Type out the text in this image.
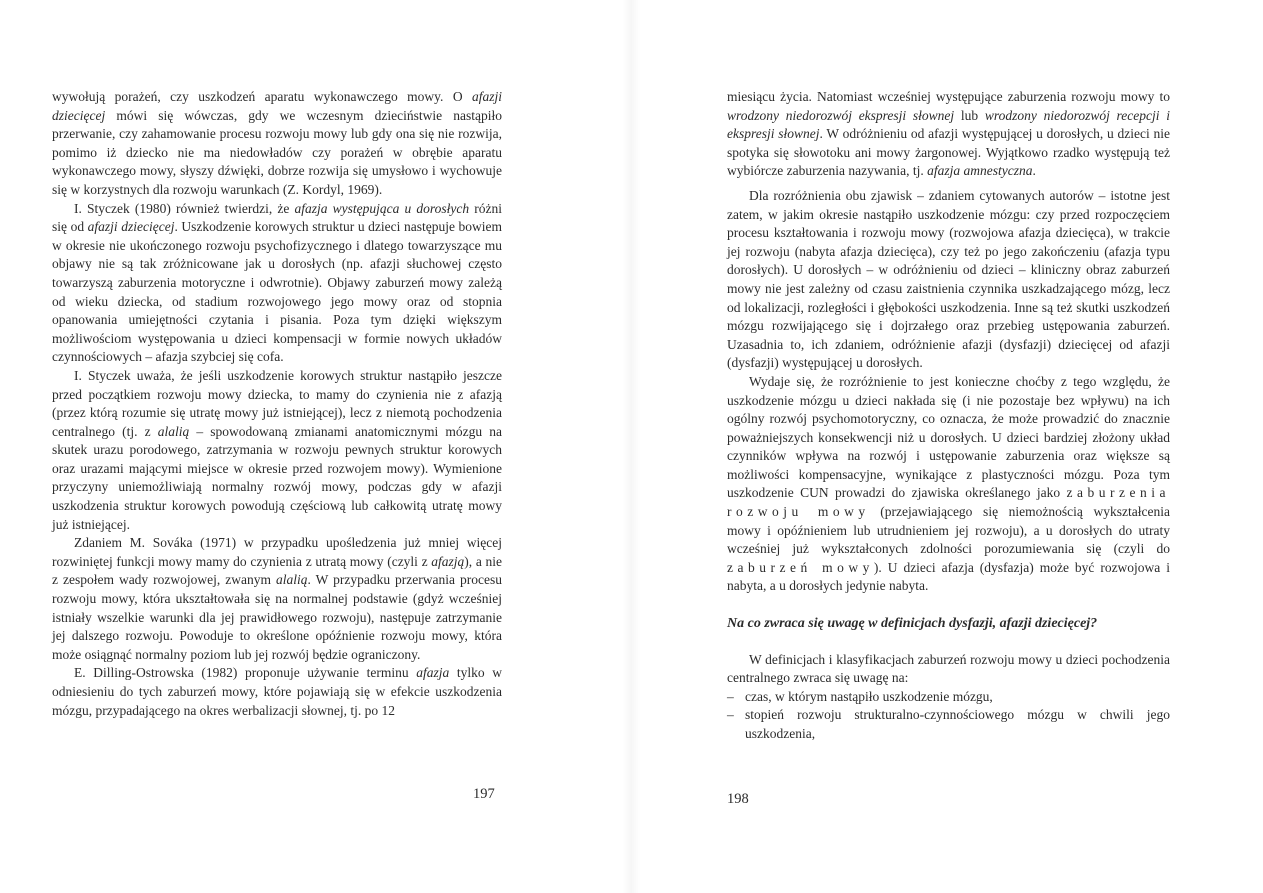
wywołują porażeń, czy uszkodzeń aparatu wykonawczego mowy. O afazji dziecięcej mówi się wówczas, gdy we wczesnym dzieciństwie nastąpiło przerwanie, czy zahamowanie procesu rozwoju mowy lub gdy ona się nie rozwija, pomimo iż dziecko nie ma niedowładów czy porażeń w obrębie aparatu wykonawczego mowy, słyszy dźwięki, dobrze rozwija się umysłowo i wychowuje się w korzystnych dla rozwoju warunkach (Z. Kordyl, 1969).

I. Styczek (1980) również twierdzi, że afazja występująca u dorosłych różni się od afazji dziecięcej. Uszkodzenie korowych struktur u dzieci następuje bowiem w okresie nie ukończonego rozwoju psychofizycznego i dlatego towarzyszące mu objawy nie są tak zróżnicowane jak u dorosłych (np. afazji słuchowej często towarzyszą zaburzenia motoryczne i odwrotnie). Objawy zaburzeń mowy zależą od wieku dziecka, od stadium rozwojowego jego mowy oraz od stopnia opanowania umiejętności czytania i pisania. Poza tym dzięki większym możliwościom występowania u dzieci kompensacji w formie nowych układów czynnościowych – afazja szybciej się cofa.

I. Styczek uważa, że jeśli uszkodzenie korowych struktur nastąpiło jeszcze przed początkiem rozwoju mowy dziecka, to mamy do czynienia nie z afazją (przez którą rozumie się utratę mowy już istniejącej), lecz z niemotą pochodzenia centralnego (tj. z alalią – spowodowaną zmianami anatomicznymi mózgu na skutek urazu porodowego, zatrzymania w rozwoju pewnych struktur korowych oraz urazami mającymi miejsce w okresie przed rozwojem mowy). Wymienione przyczyny uniemożliwiają normalny rozwój mowy, podczas gdy w afazji uszkodzenia struktur korowych powodują częściową lub całkowitą utratę mowy już istniejącej.

Zdaniem M. Sováka (1971) w przypadku upośledzenia już mniej więcej rozwiniętej funkcji mowy mamy do czynienia z utratą mowy (czyli z afazją), a nie z zespołem wady rozwojowej, zwanym alalią. W przypadku przerwania procesu rozwoju mowy, która ukształtowała się na normalnej podstawie (gdyż wcześniej istniały wszelkie warunki dla jej prawidłowego rozwoju), następuje zatrzymanie jej dalszego rozwoju. Powoduje to określone opóźnienie rozwoju mowy, która może osiągnąć normalny poziom lub jej rozwój będzie ograniczony.

E. Dilling-Ostrowska (1982) proponuje używanie terminu afazja tylko w odniesieniu do tych zaburzeń mowy, które pojawiają się w efekcie uszkodzenia mózgu, przypadającego na okres werbalizacji słownej, tj. po 12

197

miesiącu życia. Natomiast wcześniej występujące zaburzenia rozwoju mowy to wrodzony niedorozwój ekspresji słownej lub wrodzony niedorozwój recepcji i ekspresji słownej. W odróżnieniu od afazji występującej u dorosłych, u dzieci nie spotyka się słowotoku ani mowy żargonowej. Wyjątkowo rzadko występują też wybiórcze zaburzenia nazywania, tj. afazja amnestyczna.

Dla rozróżnienia obu zjawisk – zdaniem cytowanych autorów – istotne jest zatem, w jakim okresie nastąpiło uszkodzenie mózgu: czy przed rozpoczęciem procesu kształtowania i rozwoju mowy (rozwojowa afazja dziecięca), w trakcie jej rozwoju (nabyta afazja dziecięca), czy też po jego zakończeniu (afazja typu dorosłych). U dorosłych – w odróżnieniu od dzieci – kliniczny obraz zaburzeń mowy nie jest zależny od czasu zaistnienia czynnika uszkadzającego mózg, lecz od lokalizacji, rozległości i głębokości uszkodzenia. Inne są też skutki uszkodzeń mózgu rozwijającego się i dojrzałego oraz przebieg ustępowania zaburzeń. Uzasadnia to, ich zdaniem, odróżnienie afazji (dysfazji) dziecięcej od afazji (dysfazji) występującej u dorosłych.

Wydaje się, że rozróżnienie to jest konieczne choćby z tego względu, że uszkodzenie mózgu u dzieci nakłada się (i nie pozostaje bez wpływu) na ich ogólny rozwój psychomotoryczny, co oznacza, że może prowadzić do znacznie poważniejszych konsekwencji niż u dorosłych. U dzieci bardziej złożony układ czynników wpływa na rozwój i ustępowanie zaburzenia oraz większe są możliwości kompensacyjne, wynikające z plastyczności mózgu. Poza tym uszkodzenie CUN prowadzi do zjawiska określanego jako zaburzenia rozwoju mowy (przejawiającego się niemożnością wykształcenia mowy i opóźnieniem lub utrudnieniem jej rozwoju), a u dorosłych do utraty wcześniej już wykształconych zdolności porozumiewania się (czyli do zaburzeń mowy). U dzieci afazja (dysfazja) może być rozwojowa i nabyta, a u dorosłych jedynie nabyta.

Na co zwraca się uwagę w definicjach dysfazji, afazji dziecięcej?

W definicjach i klasyfikacjach zaburzeń rozwoju mowy u dzieci pochodzenia centralnego zwraca się uwagę na:

– czas, w którym nastąpiło uszkodzenie mózgu,
– stopień rozwoju strukturalno-czynnościowego mózgu w chwili jego uszkodzenia,
198
